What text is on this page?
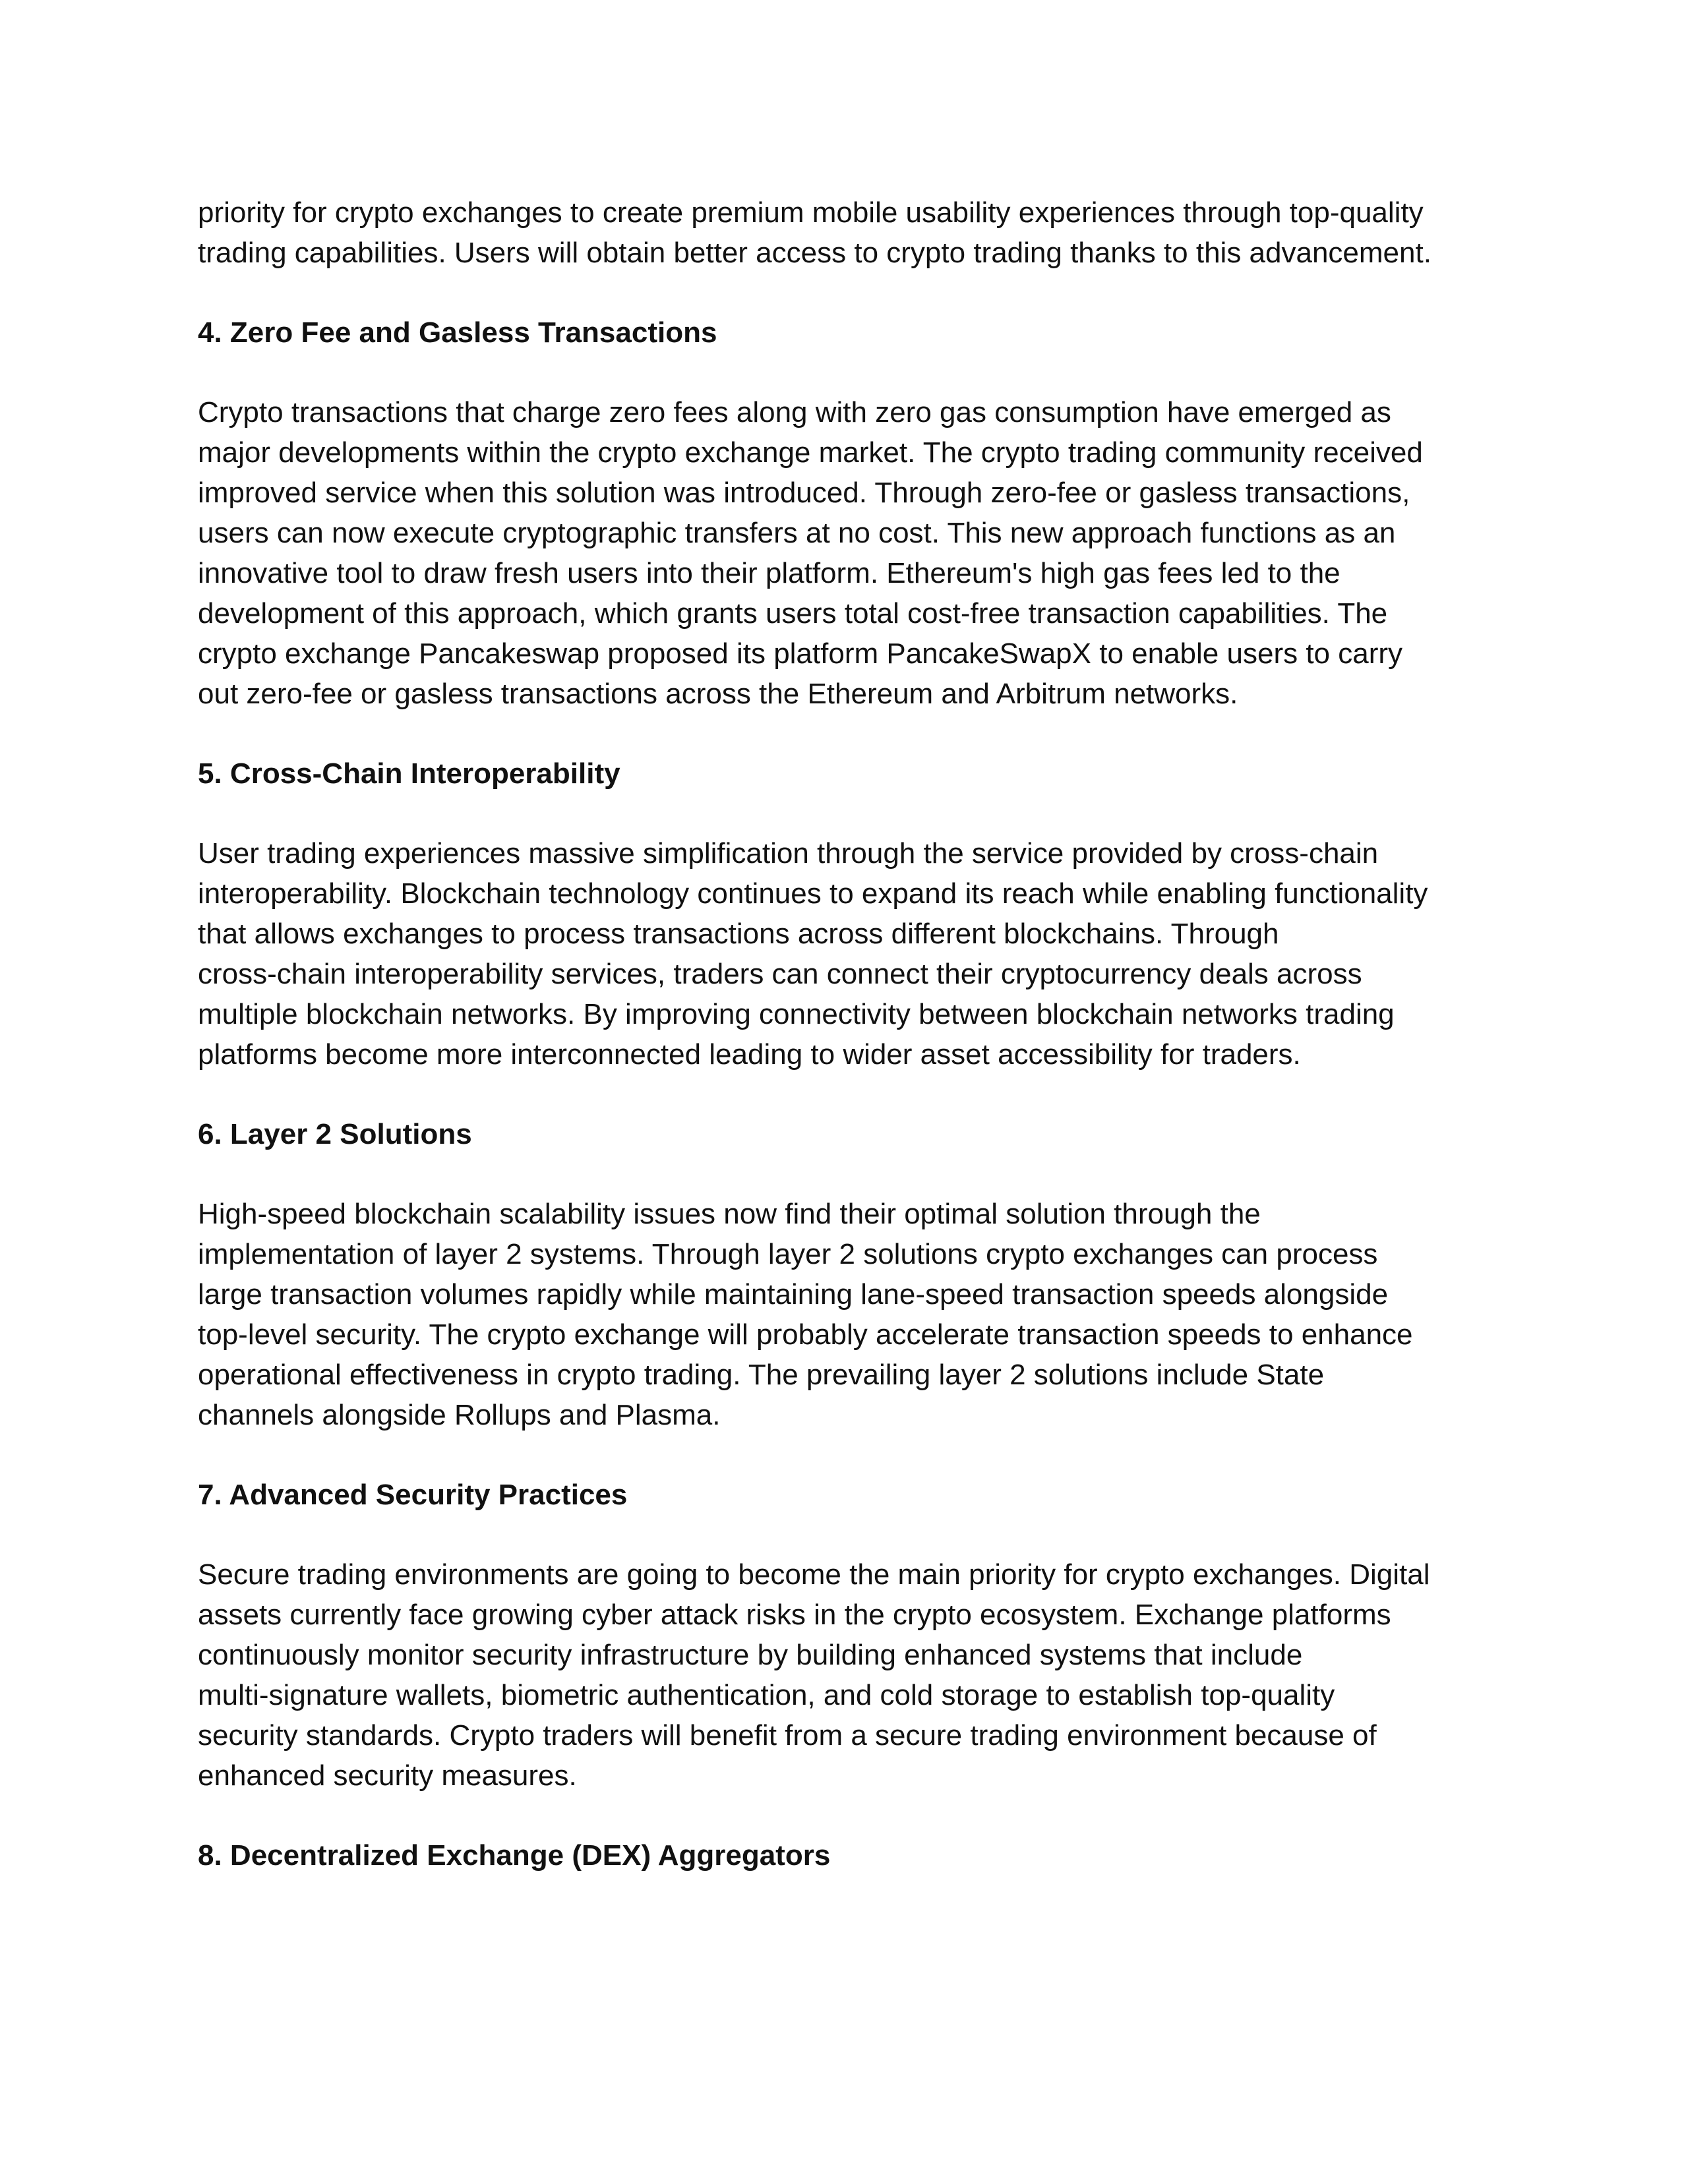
priority for crypto exchanges to create premium mobile usability experiences through top-quality
trading capabilities. Users will obtain better access to crypto trading thanks to this advancement.

4. Zero Fee and Gasless Transactions

Crypto transactions that charge zero fees along with zero gas consumption have emerged as
major developments within the crypto exchange market. The crypto trading community received
improved service when this solution was introduced. Through zero-fee or gasless transactions,
users can now execute cryptographic transfers at no cost. This new approach functions as an
innovative tool to draw fresh users into their platform. Ethereum's high gas fees led to the
development of this approach, which grants users total cost-free transaction capabilities. The
crypto exchange Pancakeswap proposed its platform PancakeSwapX to enable users to carry
out zero-fee or gasless transactions across the Ethereum and Arbitrum networks.

5. Cross-Chain Interoperability

User trading experiences massive simplification through the service provided by cross-chain
interoperability. Blockchain technology continues to expand its reach while enabling functionality
that allows exchanges to process transactions across different blockchains. Through
cross-chain interoperability services, traders can connect their cryptocurrency deals across
multiple blockchain networks. By improving connectivity between blockchain networks trading
platforms become more interconnected leading to wider asset accessibility for traders.

6. Layer 2 Solutions

High-speed blockchain scalability issues now find their optimal solution through the
implementation of layer 2 systems. Through layer 2 solutions crypto exchanges can process
large transaction volumes rapidly while maintaining lane-speed transaction speeds alongside
top-level security. The crypto exchange will probably accelerate transaction speeds to enhance
operational effectiveness in crypto trading. The prevailing layer 2 solutions include State
channels alongside Rollups and Plasma.

7. Advanced Security Practices

Secure trading environments are going to become the main priority for crypto exchanges. Digital
assets currently face growing cyber attack risks in the crypto ecosystem. Exchange platforms
continuously monitor security infrastructure by building enhanced systems that include
multi-signature wallets, biometric authentication, and cold storage to establish top-quality
security standards. Crypto traders will benefit from a secure trading environment because of
enhanced security measures.

8. Decentralized Exchange (DEX) Aggregators
